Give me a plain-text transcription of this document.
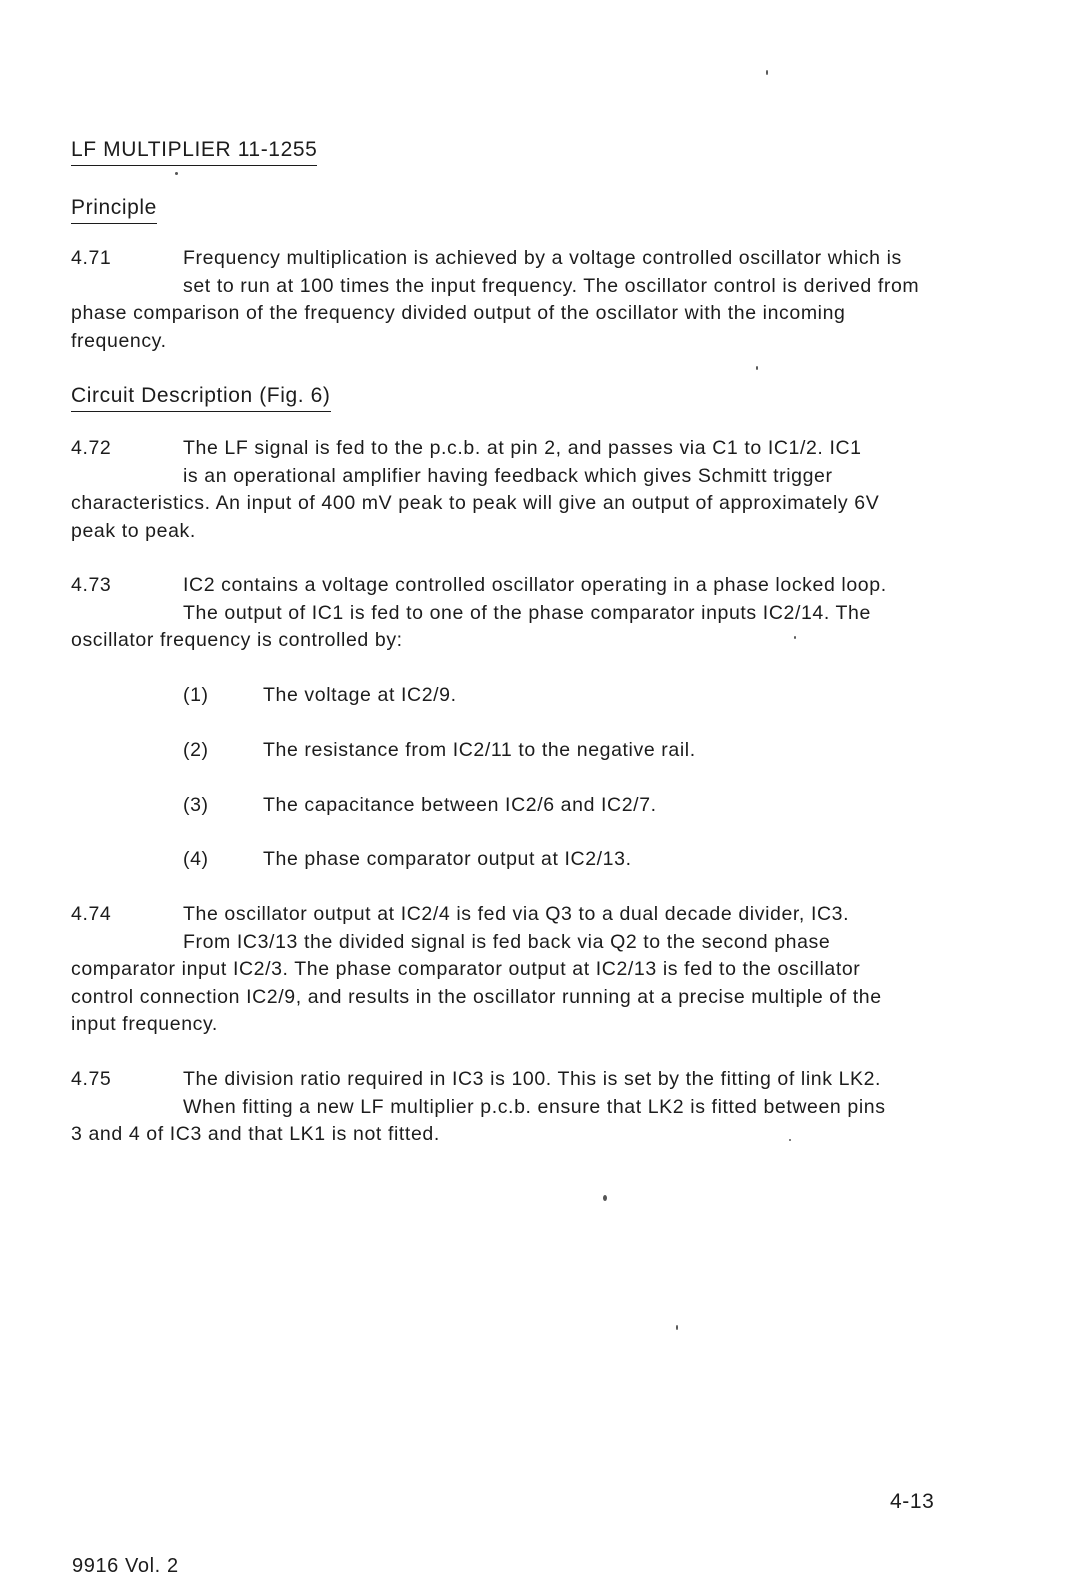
LF MULTIPLIER 11-1255
Principle
4.71	Frequency multiplication is achieved by a voltage controlled oscillator which is
set to run at 100 times the input frequency. The oscillator control is derived from
phase comparison of the frequency divided output of the oscillator with the incoming
frequency.
Circuit Description (Fig. 6)
4.72	The LF signal is fed to the p.c.b. at pin 2, and passes via C1 to IC1/2. IC1
is an operational amplifier having feedback which gives Schmitt trigger
characteristics. An input of 400 mV peak to peak will give an output of approximately 6V
peak to peak.
4.73	IC2 contains a voltage controlled oscillator operating in a phase locked loop.
The output of IC1 is fed to one of the phase comparator inputs IC2/14. The
oscillator frequency is controlled by:
(1)	The voltage at IC2/9.
(2)	The resistance from IC2/11 to the negative rail.
(3)	The capacitance between IC2/6 and IC2/7.
(4)	The phase comparator output at IC2/13.
4.74	The oscillator output at IC2/4 is fed via Q3 to a dual decade divider, IC3.
From IC3/13 the divided signal is fed back via Q2 to the second phase
comparator input IC2/3. The phase comparator output at IC2/13 is fed to the oscillator
control connection IC2/9, and results in the oscillator running at a precise multiple of the
input frequency.
4.75	The division ratio required in IC3 is 100. This is set by the fitting of link LK2.
When fitting a new LF multiplier p.c.b. ensure that LK2 is fitted between pins
3 and 4 of IC3 and that LK1 is not fitted.
4-13
9916 Vol. 2
